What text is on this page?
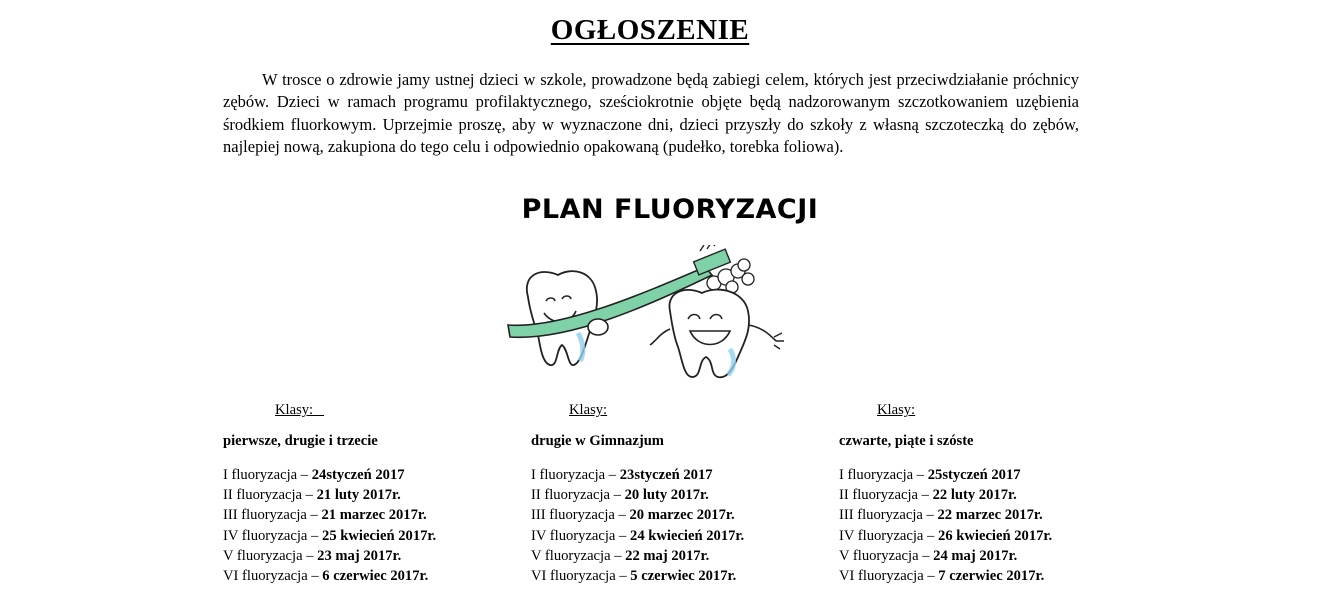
OGŁOSZENIE

W trosce o zdrowie jamy ustnej dzieci w szkole, prowadzone będą zabiegi celem, których jest przeciwdziałanie próchnicy zębów. Dzieci w ramach programu profilaktycznego, sześciokrotnie objęte będą nadzorowanym szczotkowaniem uzębienia środkiem fluorkowym. Uprzejmie proszę, aby w wyznaczone dni, dzieci przyszły do szkoły z własną szczoteczką do zębów, najlepiej nową, zakupiona do tego celu i odpowiednio opakowaną (pudełko, torebka foliowa).

PLAN FLUORYZACJI
Klasy:
pierwsze, drugie i trzecie
I fluoryzacja – 24styczeń 2017
II fluoryzacja – 21 luty 2017r.
III fluoryzacja – 21 marzec 2017r.
IV fluoryzacja – 25 kwiecień 2017r.
V fluoryzacja – 23 maj 2017r.
VI fluoryzacja – 6 czerwiec 2017r.
Klasy:
drugie w Gimnazjum
I fluoryzacja – 23styczeń 2017
II fluoryzacja – 20 luty 2017r.
III fluoryzacja – 20 marzec 2017r.
IV fluoryzacja – 24 kwiecień 2017r.
V fluoryzacja – 22 maj 2017r.
VI fluoryzacja – 5 czerwiec 2017r.
Klasy:
czwarte, piąte i szóste
I fluoryzacja – 25styczeń 2017
II fluoryzacja – 22 luty 2017r.
III fluoryzacja – 22 marzec 2017r.
IV fluoryzacja – 26 kwiecień 2017r.
V fluoryzacja – 24 maj 2017r.
VI fluoryzacja – 7 czerwiec 2017r.
